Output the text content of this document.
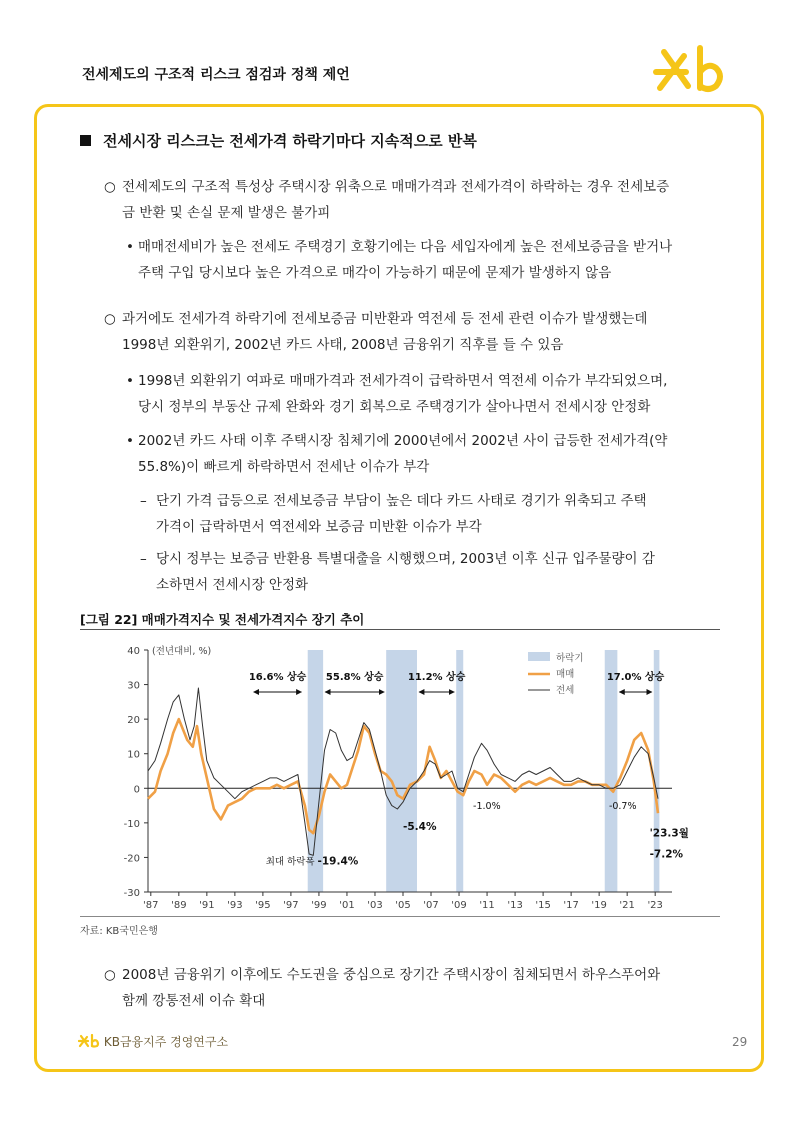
전세제도의 구조적 리스크 점검과 정책 제언
전세시장 리스크는 전세가격 하락기마다 지속적으로 반복
○ 전세제도의 구조적 특성상 주택시장 위축으로 매매가격과 전세가격이 하락하는 경우 전세보증
금 반환 및 손실 문제 발생은 불가피
• 매매전세비가 높은 전세도 주택경기 호황기에는 다음 세입자에게 높은 전세보증금을 받거나
주택 구입 당시보다 높은 가격으로 매각이 가능하기 때문에 문제가 발생하지 않음
○ 과거에도 전세가격 하락기에 전세보증금 미반환과 역전세 등 전세 관련 이슈가 발생했는데
1998년 외환위기, 2002년 카드 사태, 2008년 금융위기 직후를 들 수 있음
• 1998년 외환위기 여파로 매매가격과 전세가격이 급락하면서 역전세 이슈가 부각되었으며,
당시 정부의 부동산 규제 완화와 경기 회복으로 주택경기가 살아나면서 전세시장 안정화
• 2002년 카드 사태 이후 주택시장 침체기에 2000년에서 2002년 사이 급등한 전세가격(약
55.8%)이 빠르게 하락하면서 전세난 이슈가 부각
– 단기 가격 급등으로 전세보증금 부담이 높은 데다 카드 사태로 경기가 위축되고 주택
가격이 급락하면서 역전세와 보증금 미반환 이슈가 부각
– 당시 정부는 보증금 반환용 특별대출을 시행했으며, 2003년 이후 신규 입주물량이 감
소하면서 전세시장 안정화
[그림 22] 매매가격지수 및 전세가격지수 장기 추이
40
30
20
10
0
-10
-20
-30
(전년대비, %)
'87 '89 '91 '93 '95 '97 '99 '01 '03 '05 '07 '09 '11 '13 '15 '17 '19 '21 '23
16.6% 상승 55.8% 상승 11.2% 상승	17.0% 상승
최대 하락폭 -19.4%
-5.4%
-1.0%	-0.7%
'23.3월
-7.2%
하락기
매매
전세
자료: KB국민은행
○ 2008년 금융위기 이후에도 수도권을 중심으로 장기간 주택시장이 침체되면서 하우스푸어와
함께 깡통전세 이슈 확대
KB금융지주 경영연구소	29
